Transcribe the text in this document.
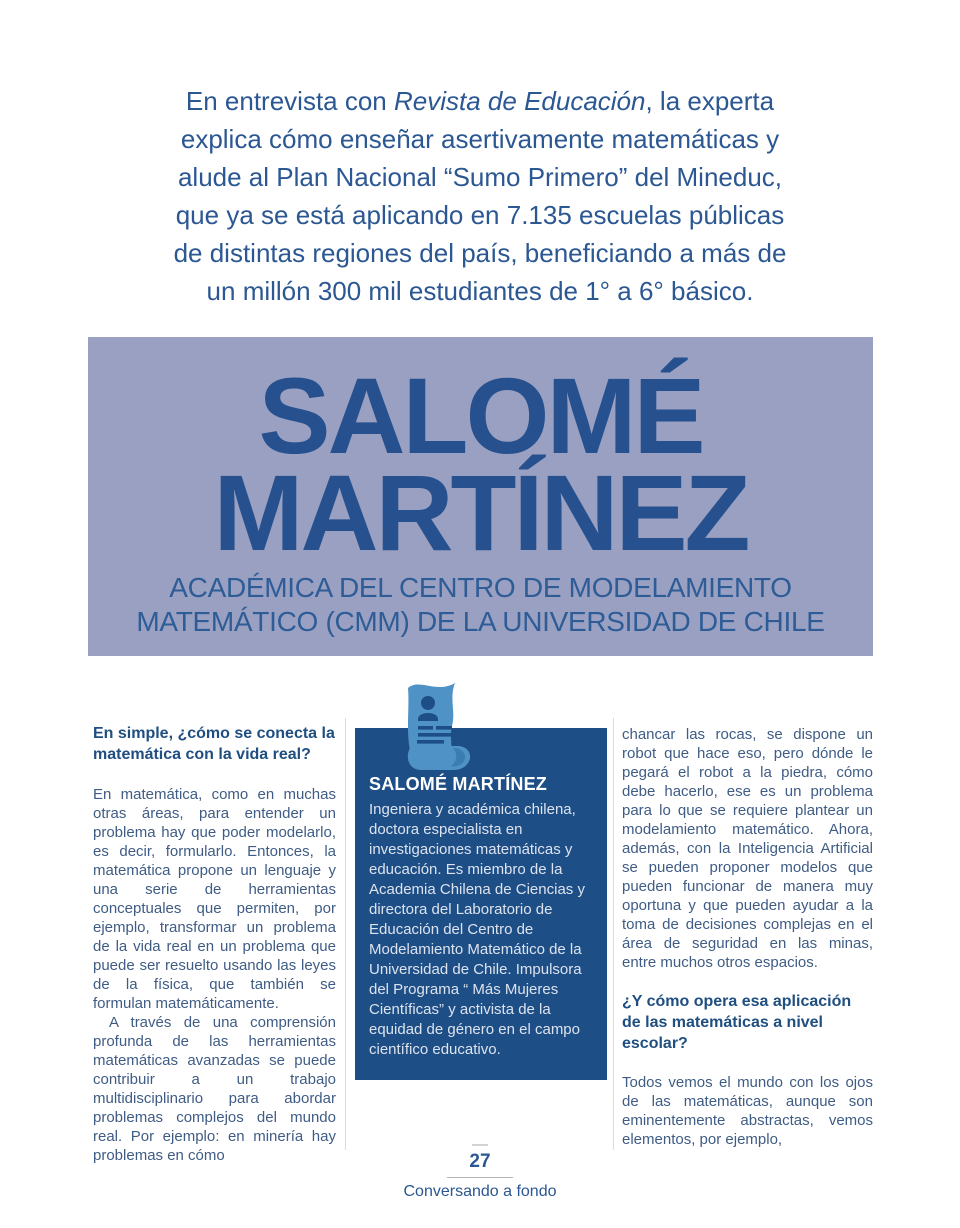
En entrevista con Revista de Educación, la experta explica cómo enseñar asertivamente matemáticas y alude al Plan Nacional “Sumo Primero” del Mineduc, que ya se está aplicando en 7.135 escuelas públicas de distintas regiones del país, beneficiando a más de un millón 300 mil estudiantes de 1° a 6° básico.

SALOMÉ
MARTÍNEZ
ACADÉMICA DEL CENTRO DE MODELAMIENTO MATEMÁTICO (CMM) DE LA UNIVERSIDAD DE CHILE
En simple, ¿cómo se conecta la matemática con la vida real?

En matemática, como en muchas otras áreas, para entender un problema hay que poder modelarlo, es decir, formularlo. Entonces, la matemática propone un lenguaje y una serie de herramientas conceptuales que permiten, por ejemplo, transformar un problema de la vida real en un problema que puede ser resuelto usando las leyes de la física, que también se formulan matemáticamente.

A través de una comprensión profunda de las herramientas matemáticas avanzadas se puede contribuir a un trabajo multidisciplinario para abordar problemas complejos del mundo real. Por ejemplo: en minería hay problemas en cómo

SALOMÉ MARTÍNEZ

Ingeniera y académica chilena, doctora especialista en investigaciones matemáticas y educación. Es miembro de la Academia Chilena de Ciencias y directora del Laboratorio de Educación del Centro de Modelamiento Matemático de la Universidad de Chile. Impulsora del Programa “ Más Mujeres Científicas” y activista de la equidad de género en el campo científico educativo.

chancar las rocas, se dispone un robot que hace eso, pero dónde le pegará el robot a la piedra, cómo debe hacerlo, ese es un problema para lo que se requiere plantear un modelamiento matemático. Ahora, además, con la Inteligencia Artificial se pueden proponer modelos que pueden funcionar de manera muy oportuna y que pueden ayudar a la toma de decisiones complejas en el área de seguridad en las minas, entre muchos otros espacios.

¿Y cómo opera esa aplicación de las matemáticas a nivel escolar?

Todos vemos el mundo con los ojos de las matemáticas, aunque son eminentemente abstractas, vemos elementos, por ejemplo,

27
Conversando a fondo
